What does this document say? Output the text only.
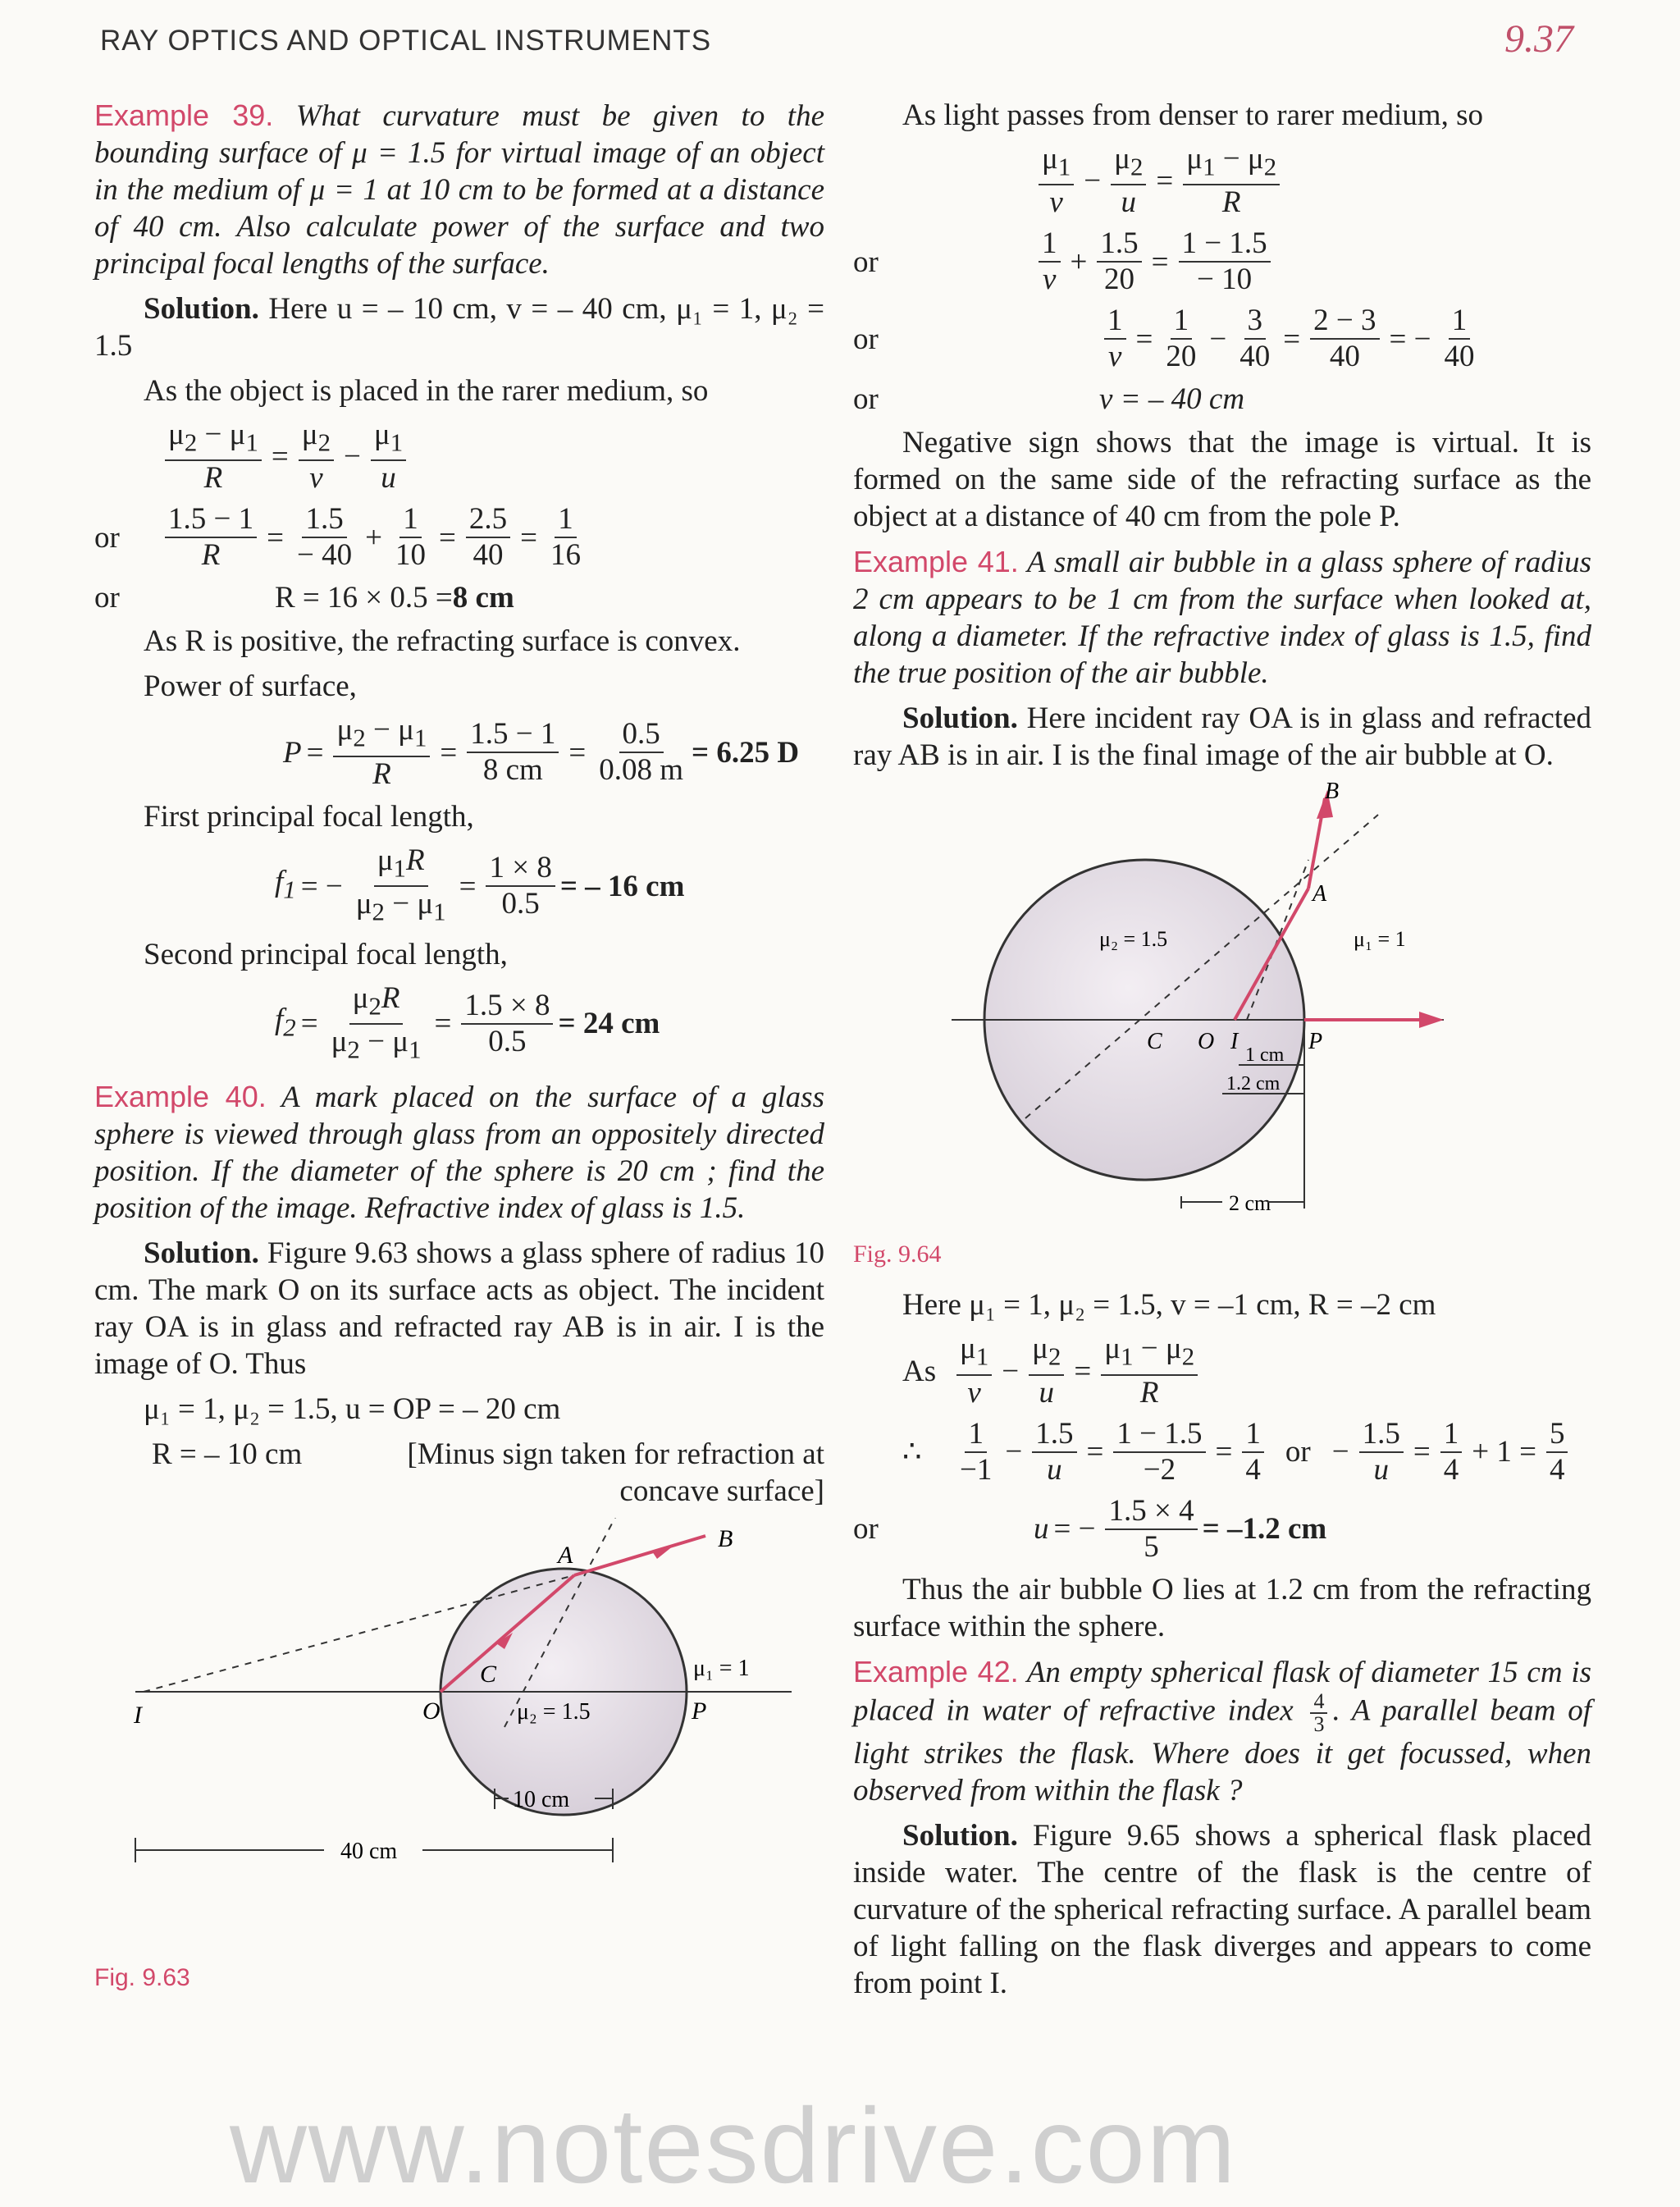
RAY OPTICS AND OPTICAL INSTRUMENTS	9.37

Example 39. What curvature must be given to the bounding surface of μ = 1.5 for virtual image of an object in the medium of μ = 1 at 10 cm to be formed at a distance of 40 cm. Also calculate power of the surface and two principal focal lengths of the surface.

Solution. Here u = – 10 cm, v = – 40 cm, μ₁ = 1, μ₂ = 1.5

As the object is placed in the rarer medium, so

$\frac{\mu_2 - \mu_1}{R} = \frac{\mu_2}{v} - \frac{\mu_1}{u}$
or	$\frac{1.5 - 1}{R} = \frac{1.5}{- 40} + \frac{1}{10} = \frac{2.5}{40} = \frac{1}{16}$
or	R = 16 × 0.5 = 8 cm

As R is positive, the refracting surface is convex.

Power of surface,

$P = \frac{\mu_2 - \mu_1}{R} = \frac{1.5 - 1}{8 cm} = \frac{0.5}{0.08 m} = 6.25$ D

First principal focal length,

$f_1$ = − $\frac{\mu_1R}{\mu_2 - \mu_1} = \frac{1 \times 8}{0.5}$ = – 16 cm

Second principal focal length,

$f_2 = \frac{\mu_2R}{\mu_2 - \mu_1} = \frac{1.5 \times 8}{0.5} = 24$ cm

Example 40. A mark placed on the surface of a glass sphere is viewed through glass from an oppositely directed position. If the diameter of the sphere is 20 cm ; find the position of the image. Refractive index of glass is 1.5.

Solution. Figure 9.63 shows a glass sphere of radius 10 cm. The mark O on its surface acts as object. The incident ray OA is in glass and refracted ray AB is in air. I is the image of O. Thus

μ₁ = 1, μ₂ = 1.5, u = OP = – 20 cm

R = – 10 cm	[Minus sign taken for refraction at concave surface]
A
B
C
I	O	P
μ₁ = 1
μ₂ = 1.5
10 cm
40 cm
Fig. 9.63

As light passes from denser to rarer medium, so

$\frac{\mu_1}{v} - \frac{\mu_2}{u} = \frac{\mu_1 - \mu_2}{R}$
or	$\frac{1}{v} + \frac{1.5}{20} = \frac{1 - 1.5}{- 10}$
or	$\frac{1}{v} = \frac{1}{20} - \frac{3}{40} = \frac{2 - 3}{40}$ = − $\frac{1}{40}$
or	v = – 40 cm

Negative sign shows that the image is virtual. It is formed on the same side of the refracting surface as the object at a distance of 40 cm from the pole P.

Example 41. A small air bubble in a glass sphere of radius 2 cm appears to be 1 cm from the surface when looked at, along a diameter. If the refractive index of glass is 1.5, find the true position of the air bubble.

Solution. Here incident ray OA is in glass and refracted ray AB is in air. I is the final image of the air bubble at O.

B
A
C O I	P
μ₂ = 1.5	μ₁ = 1
1 cm
1.2 cm
2 cm
Fig. 9.64

Here μ₁ = 1, μ₂ = 1.5, v = –1 cm, R = –2 cm

As $\frac{\mu_1}{v} - \frac{\mu_2}{u} = \frac{\mu_1 - \mu_2}{R}$
∴	$\frac{1}{-1} - \frac{1.5}{u} = \frac{1 - 1.5}{-2} = \frac{1}{4}$ or − $\frac{1.5}{u} = \frac{1}{4} + 1 = \frac{5}{4}$
or	u = − $\frac{1.5 \times 4}{5} = -1.2$ cm

Thus the air bubble O lies at 1.2 cm from the refracting surface within the sphere.

Example 42. An empty spherical flask of diameter 15 cm is placed in water of refractive index $\frac{4}{3}$ . A parallel beam of light strikes the flask. Where does it get focussed, when observed from within the flask ?

Solution. Figure 9.65 shows a spherical flask placed inside water. The centre of the flask is the centre of curvature of the spherical refracting surface. A parallel beam of light falling on the flask diverges and appears to come from point I.

www.notesdrive.com
